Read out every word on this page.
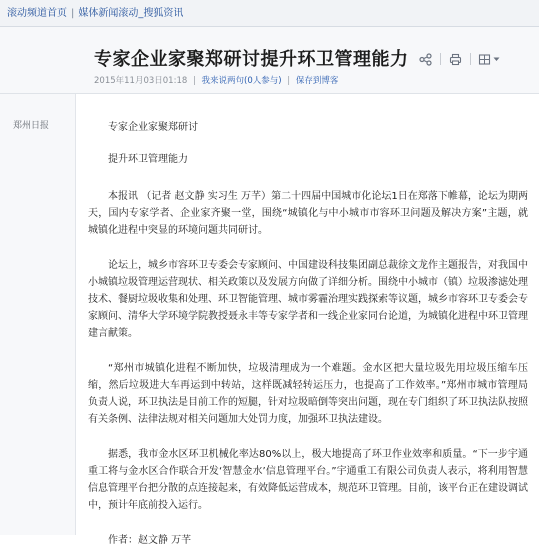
滚动频道首页 | 媒体新闻滚动_搜狐资讯
专家企业家聚郑研讨提升环卫管理能力
2015年11月03日01:18 | 我来说两句(0人参与) | 保存到博客
郑州日报	专家企业家聚郑研讨

提升环卫管理能力

本报讯 （记者 赵文静 实习生 万芊）第二十四届中国城市化论坛1日在郑落下帷幕，论坛为期两天，国内专家学者、企业家齐聚一堂，围绕“城镇化与中小城市市容环卫问题及解决方案”主题，就城镇化进程中突显的环境问题共同研讨。

论坛上，城乡市容环卫专委会专家顾问、中国建设科技集团副总裁徐文龙作主题报告，对我国中小城镇垃圾管理运营现状、相关政策以及发展方向做了详细分析。围绕中小城市（镇）垃圾渗滤处理技术、餐厨垃圾收集和处理、环卫智能管理、城市雾霾治理实践探索等议题，城乡市容环卫专委会专家顾问、清华大学环境学院教授聂永丰等专家学者和一线企业家同台论道，为城镇化进程中环卫管理建言献策。

“郑州市城镇化进程不断加快，垃圾清理成为一个难题。金水区把大量垃圾先用垃圾压缩车压缩，然后垃圾进大车再运到中转站，这样既减轻转运压力，也提高了工作效率。”郑州市城市管理局负责人说，环卫执法是目前工作的短腿，针对垃圾暗倒等突出问题，现在专门组织了环卫执法队按照有关条例、法律法规对相关问题加大处罚力度，加强环卫执法建设。

据悉，我市金水区环卫机械化率达80%以上，极大地提高了环卫作业效率和质量。“下一步宇通重工将与金水区合作联合开发‘智慧金水’信息管理平台。”宇通重工有限公司负责人表示，将利用智慧信息管理平台把分散的点连接起来，有效降低运营成本，规范环卫管理。目前，该平台正在建设调试中，预计年底前投入运行。

作者：赵文静 万芊
